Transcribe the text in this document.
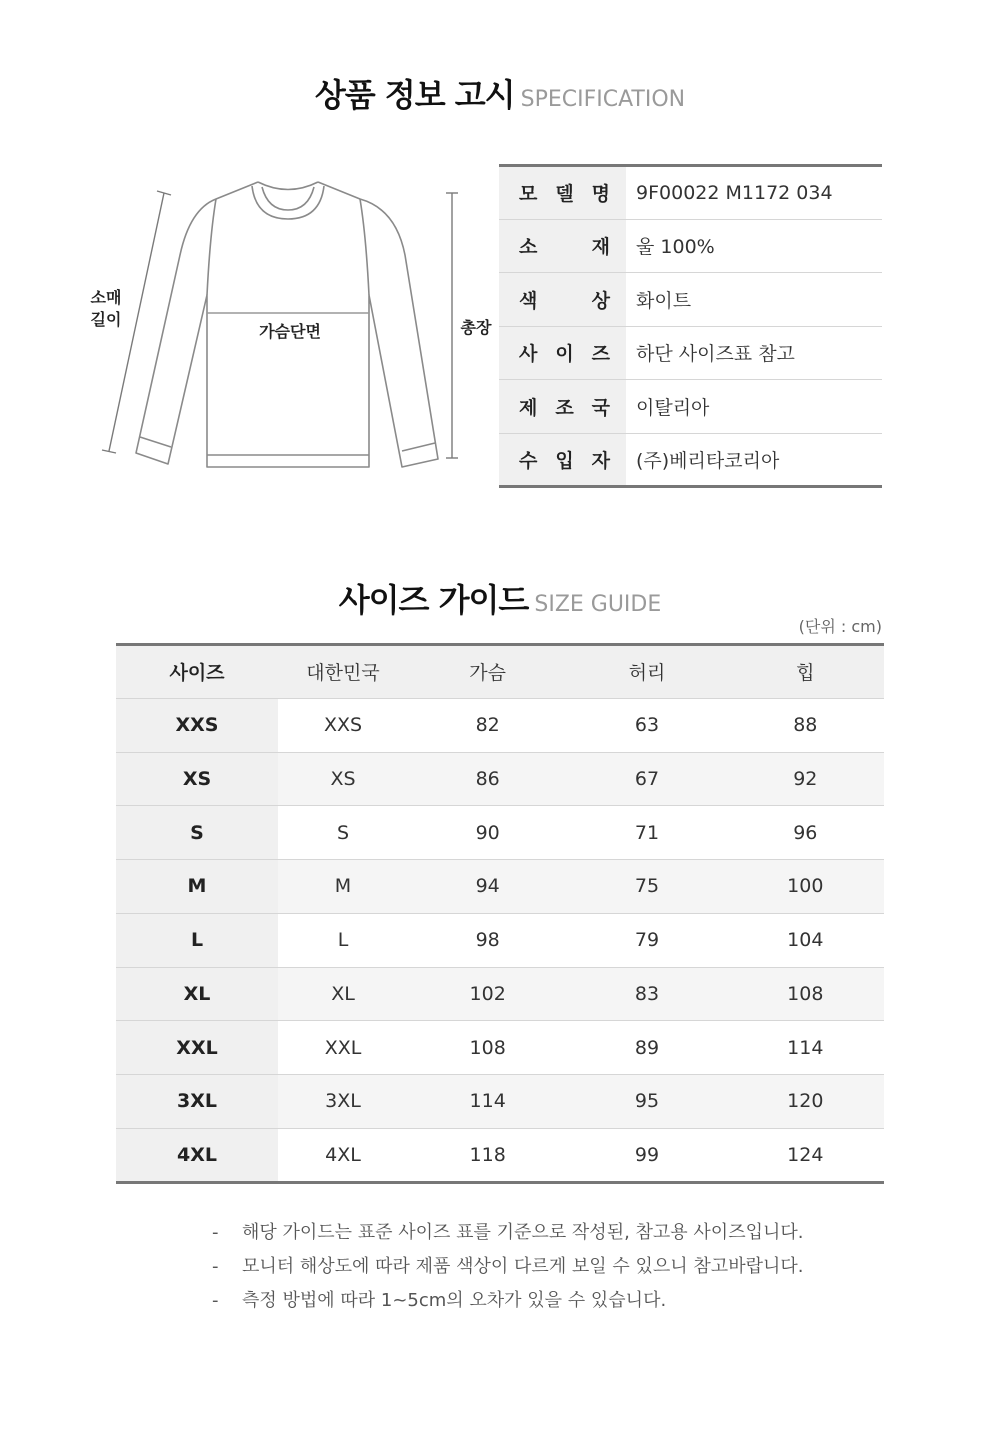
상품 정보 고시 SPECIFICATION
소매
길이
가슴단면	총장
모 델 명	9F00022 M1172 034

소 재	울 100%

색 상	화이트

사 이 즈	하단 사이즈표 참고

제 조 국	이탈리아

수 입 자	(주)베리타코리아
사이즈 가이드 SIZE GUIDE
(단위 : cm)
사이즈	대한민국	가슴	허리	힙
XXS	XXS	82	63	88
XS	XS	86	67	92
S	S	90	71	96
M	M	94	75	100
L	L	98	79	104
XL	XL	102	83	108
XXL	XXL	108	89	114
3XL	3XL	114	95	120
4XL	4XL	118	99	124
- 해당 가이드는 표준 사이즈 표를 기준으로 작성된, 참고용 사이즈입니다.
- 모니터 해상도에 따라 제품 색상이 다르게 보일 수 있으니 참고바랍니다.
- 측정 방법에 따라 1~5cm의 오차가 있을 수 있습니다.
